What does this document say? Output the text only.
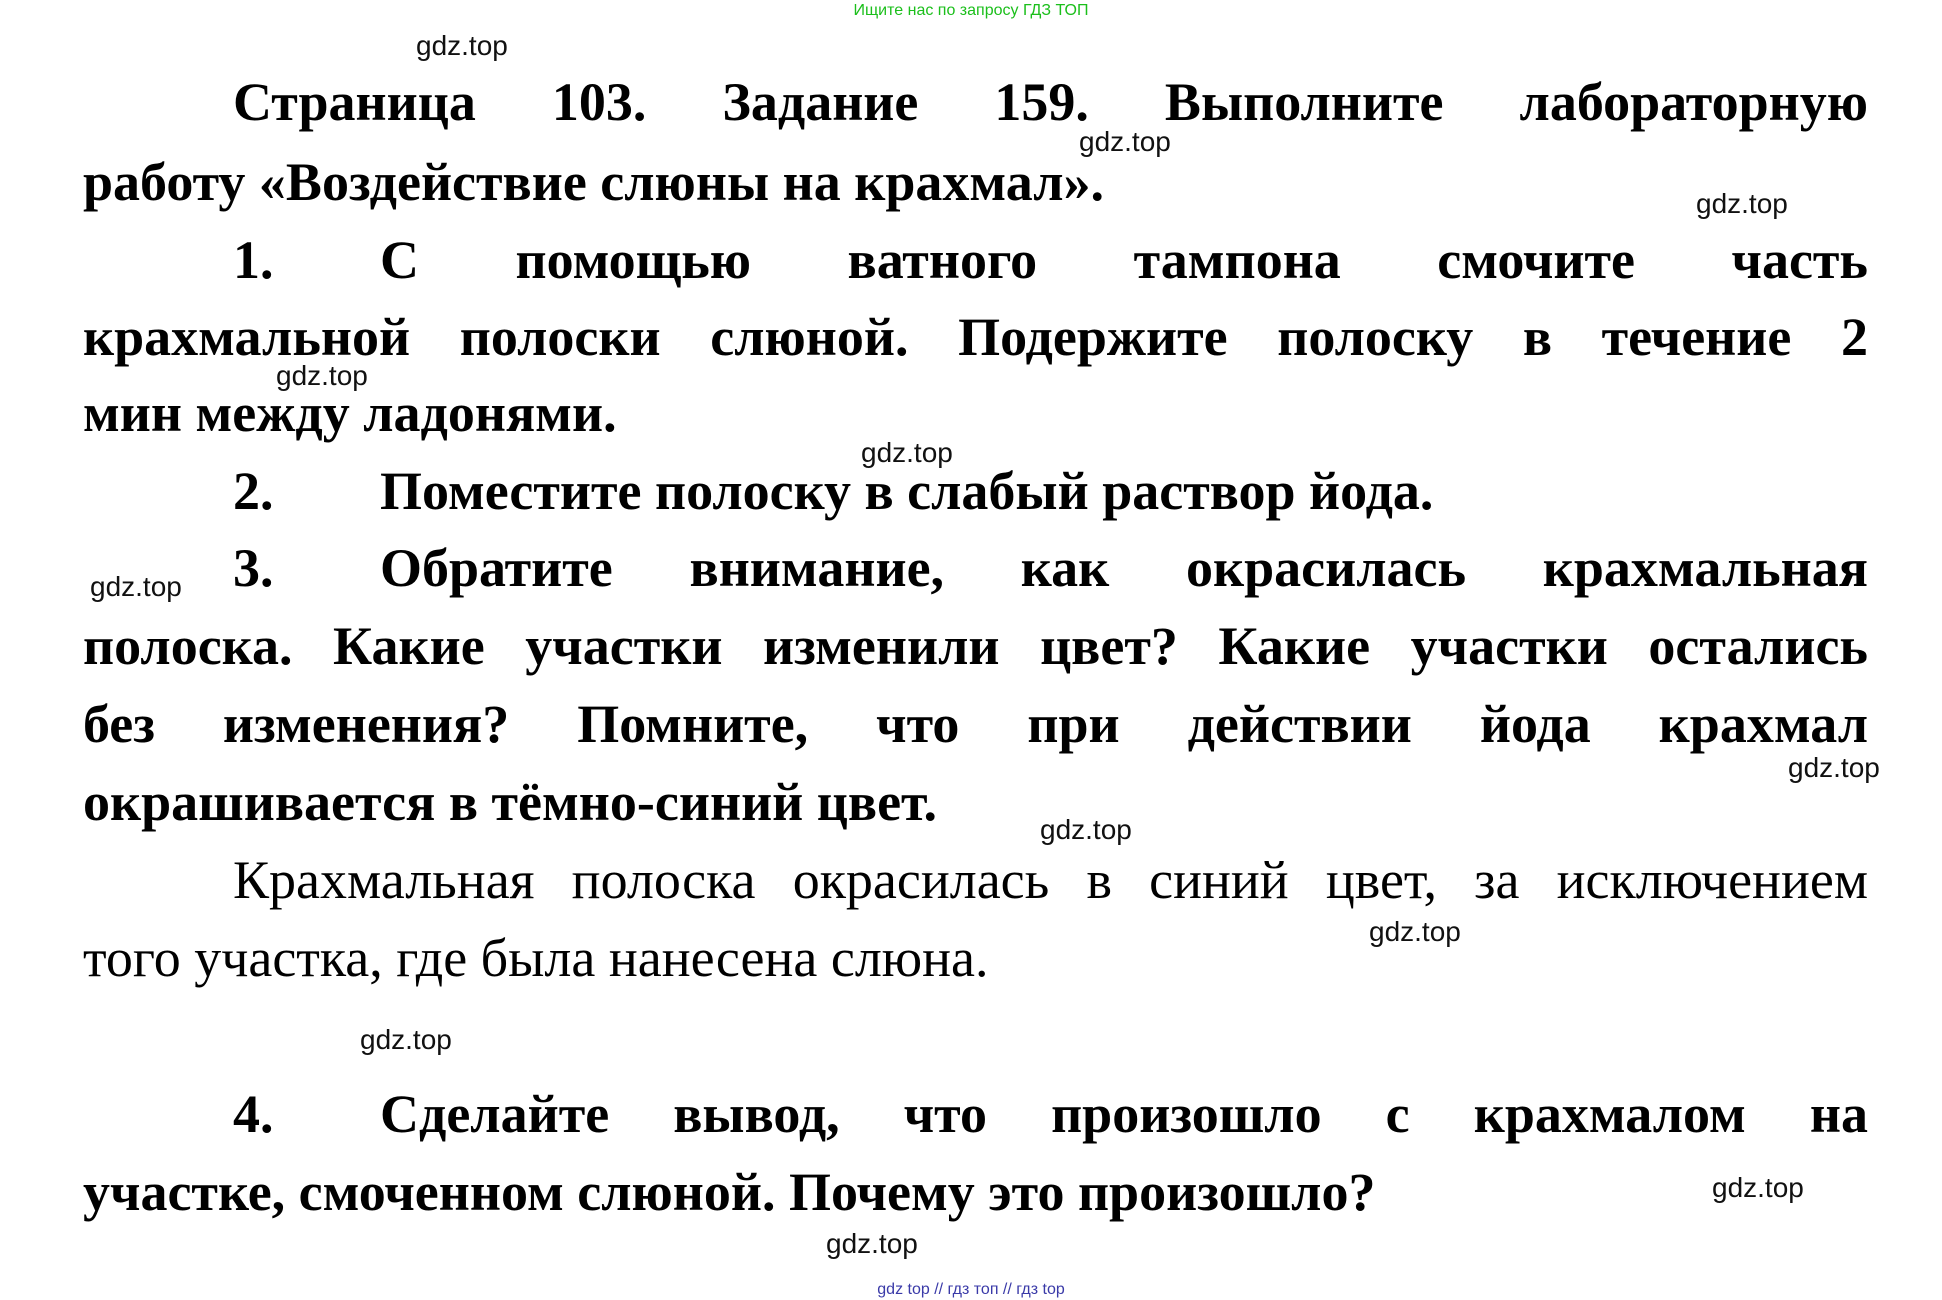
Ищите нас по запросу ГДЗ ТОП
Страница 103. Задание 159. Выполните лабораторную
работу «Воздействие слюны на крахмал».
1.	С помощью ватного тампона смочите часть
крахмальной полоски слюной. Подержите полоску в течение 2
мин между ладонями.
2.	Поместите полоску в слабый раствор йода.
3.	Обратите внимание, как окрасилась крахмальная
полоска. Какие участки изменили цвет? Какие участки остались
без изменения? Помните, что при действии йода крахмал
окрашивается в тёмно-синий цвет.
Крахмальная полоска окрасилась в синий цвет, за исключением
того участка, где была нанесена слюна.
4.	Сделайте вывод, что произошло с крахмалом на
участке, смоченном слюной. Почему это произошло?
gdz.top
gdz.top
gdz.top
gdz.top
gdz.top
gdz.top
gdz.top
gdz.top
gdz.top
gdz.top
gdz.top
gdz.top
gdz top // гдз топ // гдз top
